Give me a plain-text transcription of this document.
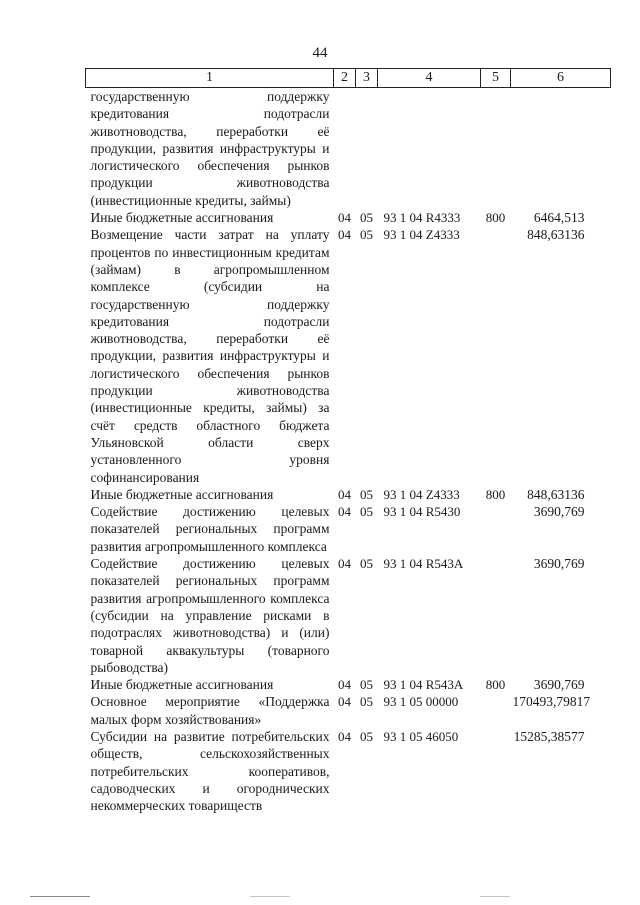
44
1	2	3	4	5	6
государственную поддержку кредитования подотрасли животноводства, переработки её продукции, развития инфраструктуры и логистического обеспечения рынков продукции животноводства (инвестиционные кредиты, займы)					
Иные бюджетные ассигнования	04	05	93 1 04 R4333	800	6464,513
Возмещение части затрат на уплату процентов по инвестиционным кредитам (займам) в агропромышленном комплексе (субсидии на государственную поддержку кредитования подотрасли животноводства, переработки её продукции, развития инфраструктуры и логистического обеспечения рынков продукции животноводства (инвестиционные кредиты, займы) за счёт средств областного бюджета Ульяновской области сверх установленного уровня софинансирования	04	05	93 1 04 Z4333		848,63136
Иные бюджетные ассигнования	04	05	93 1 04 Z4333	800	848,63136
Содействие достижению целевых показателей региональных программ развития агропромышленного комплекса	04	05	93 1 04 R5430		3690,769
Содействие достижению целевых показателей региональных программ развития агропромышленного комплекса (субсидии на управление рисками в подотраслях животноводства) и (или) товарной аквакультуры (товарного рыбоводства)	04	05	93 1 04 R543A		3690,769
Иные бюджетные ассигнования	04	05	93 1 04 R543A	800	3690,769
Основное мероприятие «Поддержка малых форм хозяйствования»	04	05	93 1 05 00000		170493,79817
Субсидии на развитие потребительских обществ, сельскохозяйственных потребительских кооперативов, садоводческих и огороднических некоммерческих товариществ	04	05	93 1 05 46050		15285,38577
